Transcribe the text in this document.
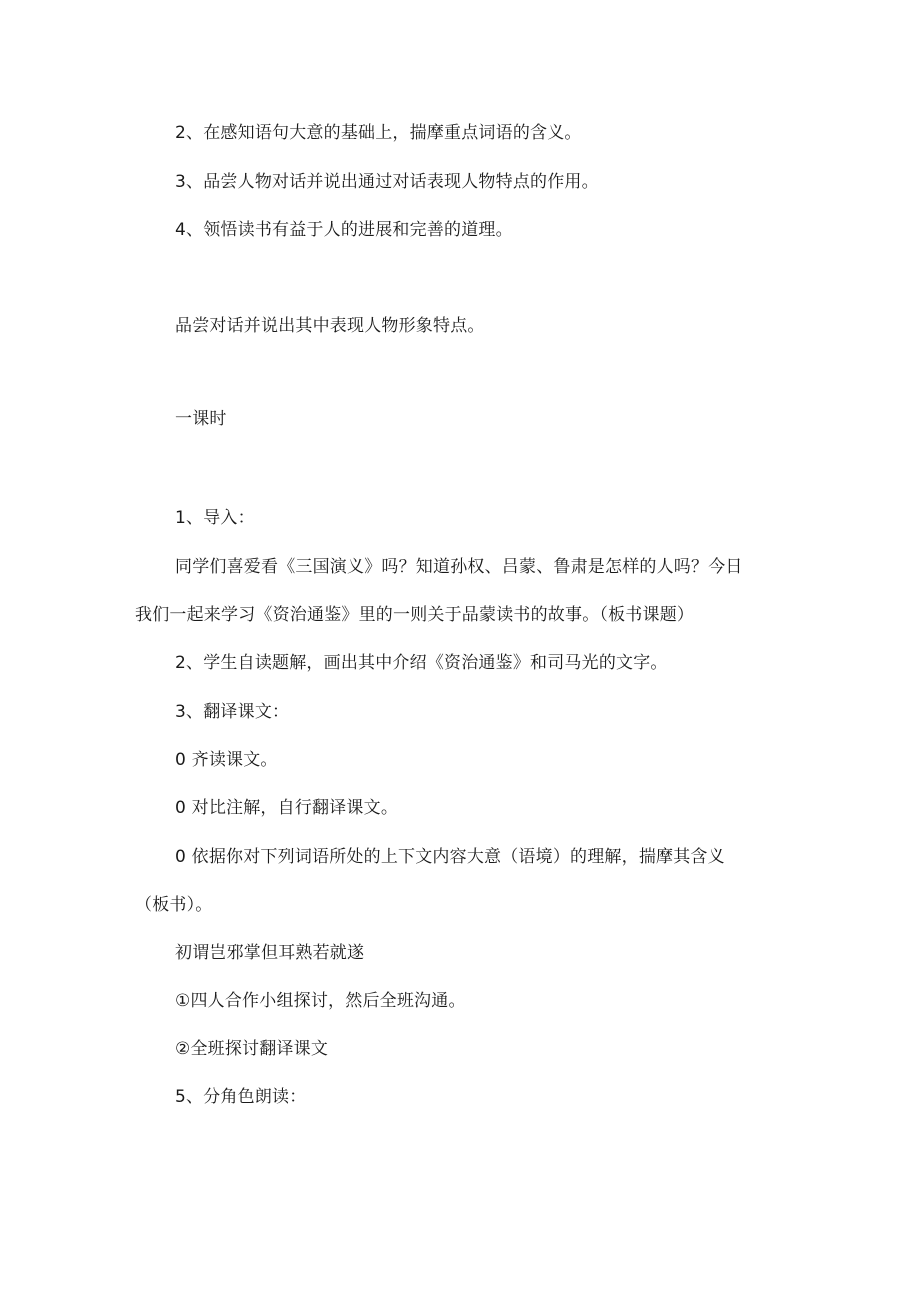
2、在感知语句大意的基础上，揣摩重点词语的含义。
3、品尝人物对话并说出通过对话表现人物特点的作用。
4、领悟读书有益于人的进展和完善的道理。
品尝对话并说出其中表现人物形象特点。
一课时
1、导入：
同学们喜爱看《三国演义》吗？知道孙权、吕蒙、鲁肃是怎样的人吗？今日
我们一起来学习《资治通鉴》里的一则关于品蒙读书的故事。（板书课题）
2、学生自读题解，画出其中介绍《资治通鉴》和司马光的文字。
3、翻译课文：
0 齐读课文。
0 对比注解，自行翻译课文。
0 依据你对下列词语所处的上下文内容大意（语境）的理解，揣摩其含义
（板书）。
初谓岂邪掌但耳熟若就遂
①四人合作小组探讨，然后全班沟通。
②全班探讨翻译课文
5、分角色朗读：
